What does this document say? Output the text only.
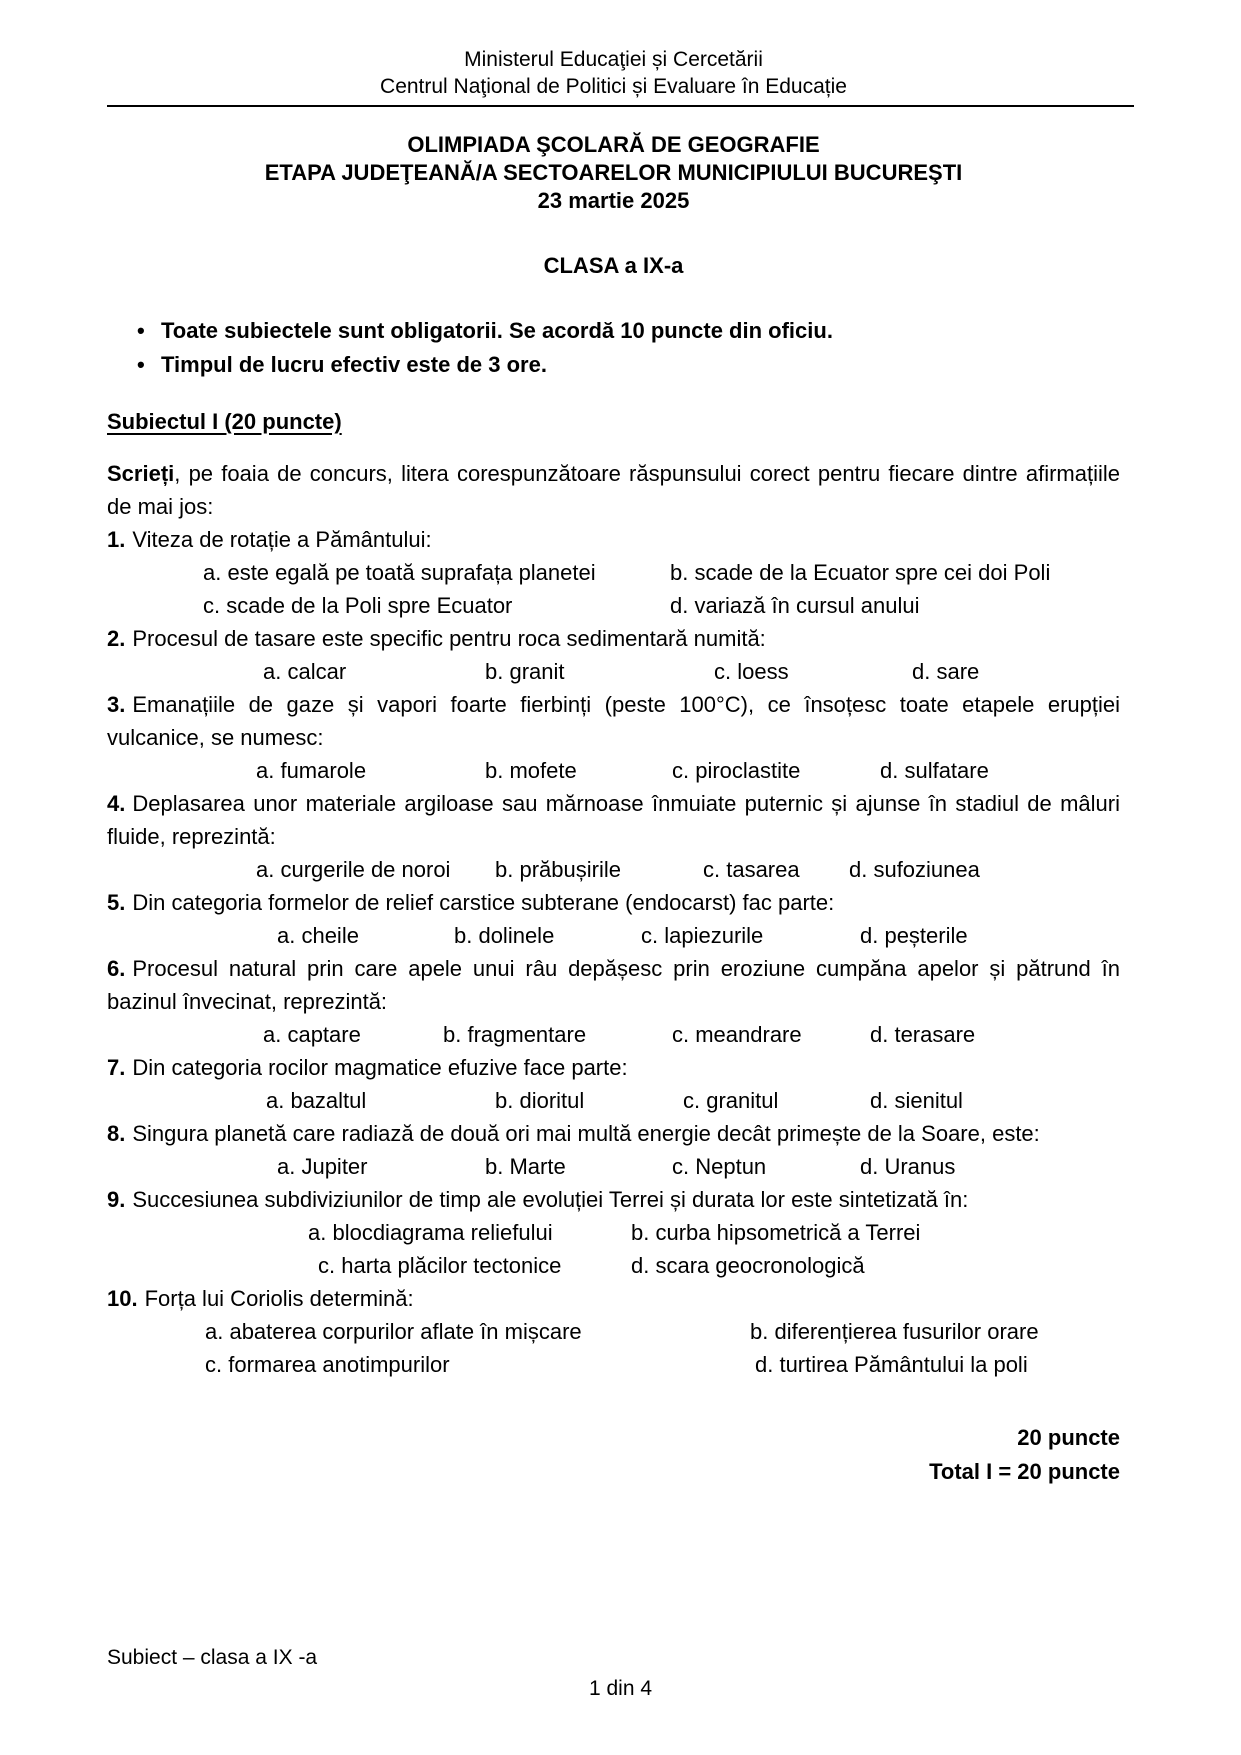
Ministerul Educaţiei și Cercetării
Centrul Naţional de Politici și Evaluare în Educație
OLIMPIADA ŞCOLARĂ DE GEOGRAFIE
ETAPA JUDEŢEANĂ/A SECTOARELOR MUNICIPIULUI BUCUREŞTI
23 martie 2025
CLASA a IX-a
• Toate subiectele sunt obligatorii. Se acordă 10 puncte din oficiu.
• Timpul de lucru efectiv este de 3 ore.
Subiectul I (20 puncte)

Scrieți, pe foaia de concurs, litera corespunzătoare răspunsului corect pentru fiecare dintre afirmațiile de mai jos:

1. Viteza de rotație a Pământului:

a. este egală pe toată suprafața planetei	b. scade de la Ecuator spre cei doi Poli
c. scade de la Poli spre Ecuator	d. variază în cursul anului

2. Procesul de tasare este specific pentru roca sedimentară numită:

a. calcar	b. granit	c. loess	d. sare

3. Emanațiile de gaze și vapori foarte fierbinți (peste 100°C), ce însoțesc toate etapele erupției vulcanice, se numesc:

a. fumarole	b. mofete	c. piroclastite	d. sulfatare

4. Deplasarea unor materiale argiloase sau mărnoase înmuiate puternic și ajunse în stadiul de mâluri fluide, reprezintă:

a. curgerile de noroi b. prăbușirile	c. tasarea d. sufoziunea

5. Din categoria formelor de relief carstice subterane (endocarst) fac parte:

a. cheile	b. dolinele	c. lapiezurile	d. peșterile

6. Procesul natural prin care apele unui râu depășesc prin eroziune cumpăna apelor și pătrund în bazinul învecinat, reprezintă:

a. captare	b. fragmentare	c. meandrare	d. terasare

7. Din categoria rocilor magmatice efuzive face parte:

a. bazaltul	b. dioritul	c. granitul	d. sienitul

8. Singura planetă care radiază de două ori mai multă energie decât primește de la Soare, este:

a. Jupiter	b. Marte	c. Neptun	d. Uranus

9. Succesiunea subdiviziunilor de timp ale evoluției Terrei și durata lor este sintetizată în:

a. blocdiagrama reliefului	b. curba hipsometrică a Terrei
c. harta plăcilor tectonice	d. scara geocronologică

10. Forța lui Coriolis determină:

a. abaterea corpurilor aflate în mișcare	b. diferențierea fusurilor orare
c. formarea anotimpurilor	d. turtirea Pământului la poli
20 puncte
Total I = 20 puncte
Subiect – clasa a IX -a
1 din 4
